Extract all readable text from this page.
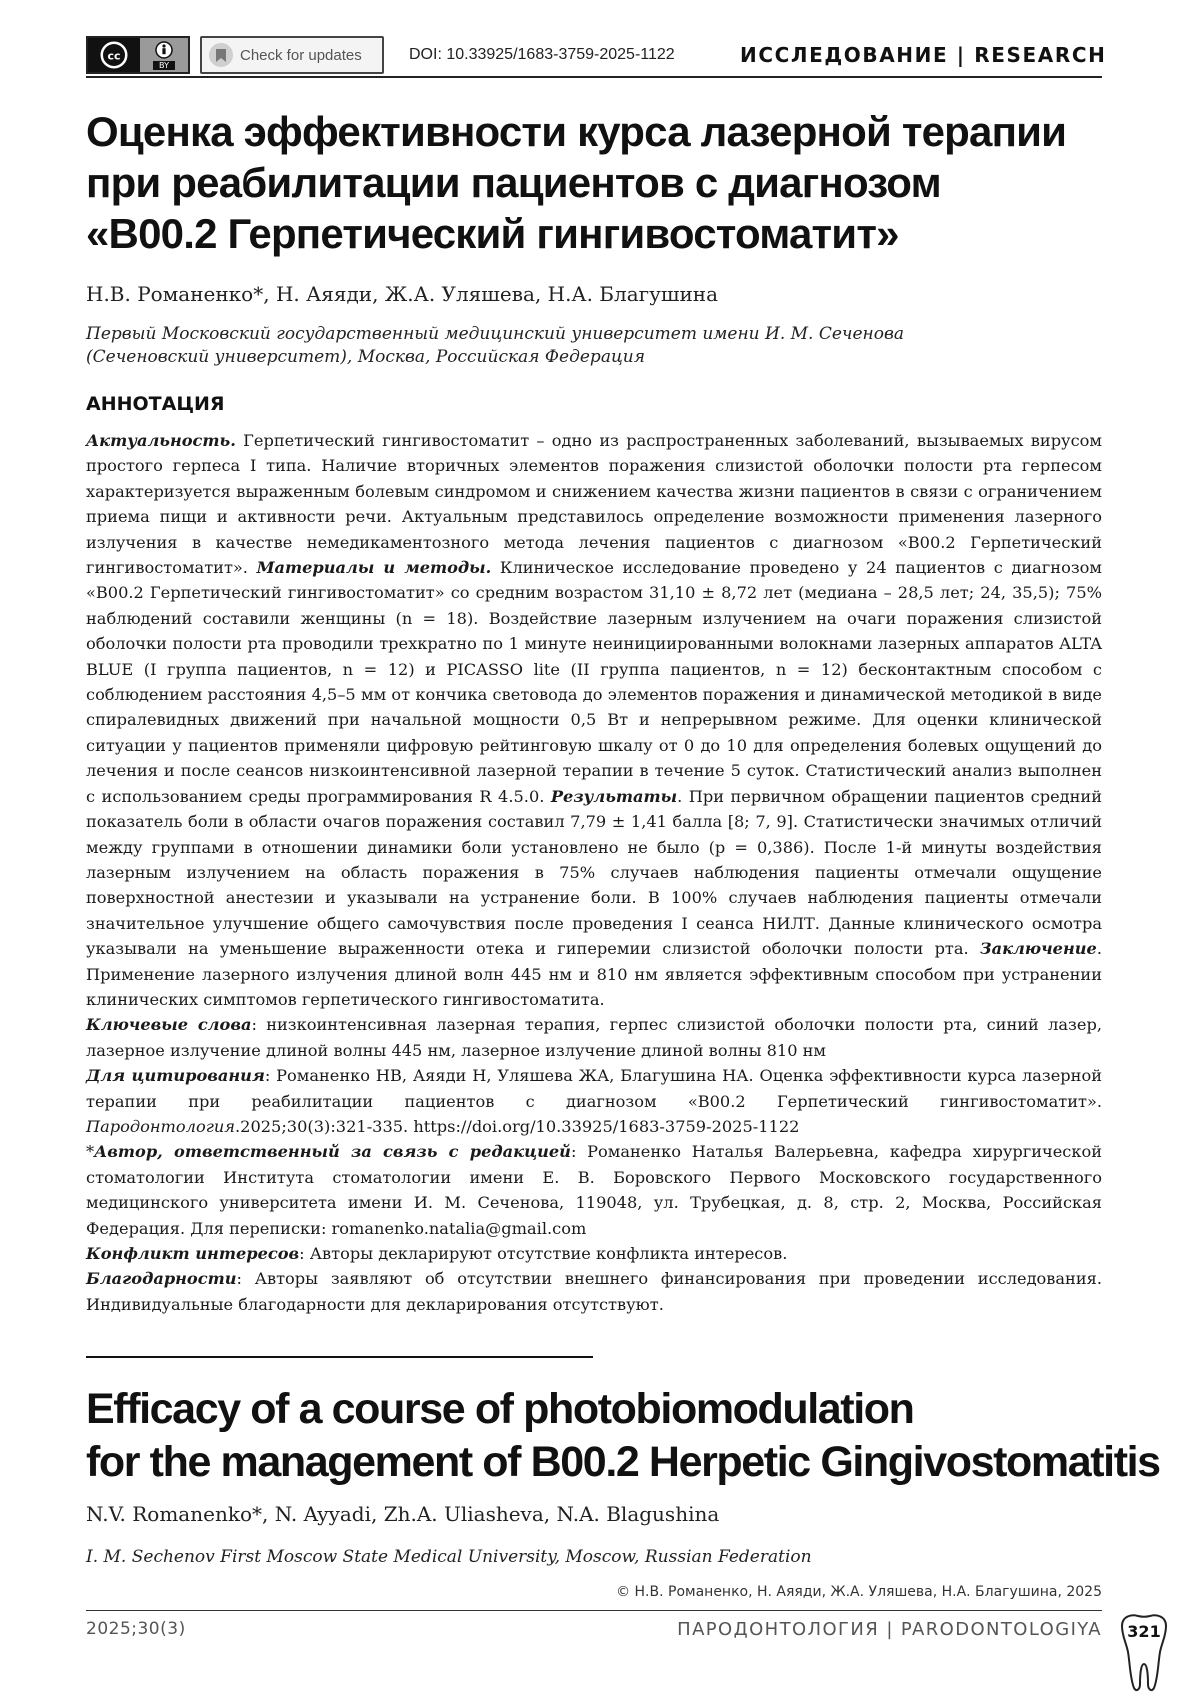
cc
BY
Check for updates	DOI: 10.33925/1683-3759-2025-1122	ИССЛЕДОВАНИЕ | RESEARCH
Оценка эффективности курса лазерной терапии
при реабилитации пациентов с диагнозом
«B00.2 Герпетический гингивостоматит»
Н.В. Романенко*, Н. Аяяди, Ж.А. Уляшева, Н.А. Благушина
Первый Московский государственный медицинский университет имени И. М. Сеченова (Сеченовский университет), Москва, Российская Федерация
АННОТАЦИЯ

Актуальность. Герпетический гингивостоматит – одно из распространенных заболеваний, вызываемых вирусом простого герпеса I типа. Наличие вторичных элементов поражения слизистой оболочки полости рта герпесом характеризуется выраженным болевым синдромом и снижением качества жизни пациентов в связи с ограничением приема пищи и активности речи. Актуальным представилось определение возможности применения лазерного излучения в качестве немедикаментозного метода лечения пациентов с диагнозом «B00.2 Герпетический гингивостоматит». Материалы и методы. Клиническое исследование проведено у 24 пациентов с диагнозом «B00.2 Герпетический гингивостоматит» со средним возрастом 31,10 ± 8,72 лет (медиана – 28,5 лет; 24, 35,5); 75% наблюдений составили женщины (n = 18). Воздействие лазерным излучением на очаги поражения слизистой оболочки полости рта проводили трехкратно по 1 минуте неинициированными волокнами лазерных аппаратов ALTA BLUE (I группа пациентов, n = 12) и PICASSO lite (II группа пациентов, n = 12) бесконтактным способом с соблюдением расстояния 4,5–5 мм от кончика световода до элементов поражения и динамической методикой в виде спиралевидных движений при начальной мощности 0,5 Вт и непрерывном режиме. Для оценки клинической ситуации у пациентов применяли цифровую рейтинговую шкалу от 0 до 10 для определения болевых ощущений до лечения и после сеансов низкоинтенсивной лазерной терапии в течение 5 суток. Статистический анализ выполнен с использованием среды программирования R 4.5.0. Результаты. При первичном обращении пациентов средний показатель боли в области очагов поражения составил 7,79 ± 1,41 балла [8; 7, 9]. Статистически значимых отличий между группами в отношении динамики боли установлено не было (p = 0,386). После 1-й минуты воздействия лазерным излучением на область поражения в 75% случаев наблюдения пациенты отмечали ощущение поверхностной анестезии и указывали на устранение боли. В 100% случаев наблюдения пациенты отмечали значительное улучшение общего самочувствия после проведения I сеанса НИЛТ. Данные клинического осмотра указывали на уменьшение выраженности отека и гиперемии слизистой оболочки полости рта. Заключение. Применение лазерного излучения длиной волн 445 нм и 810 нм является эффективным способом при устранении клинических симптомов герпетического гингивостоматита.

Ключевые слова: низкоинтенсивная лазерная терапия, герпес слизистой оболочки полости рта, синий лазер, лазерное излучение длиной волны 445 нм, лазерное излучение длиной волны 810 нм

Для цитирования: Романенко НВ, Аяяди Н, Уляшева ЖА, Благушина НА. Оценка эффективности курса лазерной терапии при реабилитации пациентов с диагнозом «B00.2 Герпетический гингивостоматит». Пародонтология.2025;30(3):321-335. https://doi.org/10.33925/1683-3759-2025-1122

*Автор, ответственный за связь с редакцией: Романенко Наталья Валерьевна, кафедра хирургической стоматологии Института стоматологии имени Е. В. Боровского Первого Московского государственного медицинского университета имени И. М. Сеченова, 119048, ул. Трубецкая, д. 8, стр. 2, Москва, Российская Федерация. Для переписки: romanenko.natalia@gmail.com

Конфликт интересов: Авторы декларируют отсутствие конфликта интересов.

Благодарности: Авторы заявляют об отсутствии внешнего финансирования при проведении исследования. Индивидуальные благодарности для декларирования отсутствуют.

Efficacy of a course of photobiomodulation
for the management of B00.2 Herpetic Gingivostomatitis
N.V. Romanenko*, N. Ayyadi, Zh.A. Uliasheva, N.A. Blagushina
I. M. Sechenov First Moscow State Medical University, Moscow, Russian Federation
© Н.В. Романенко, Н. Аяяди, Ж.А. Уляшева, Н.А. Благушина, 2025
2025;30(3)	ПАРОДОНТОЛОГИЯ | PARODONTOLOGIYA	321
